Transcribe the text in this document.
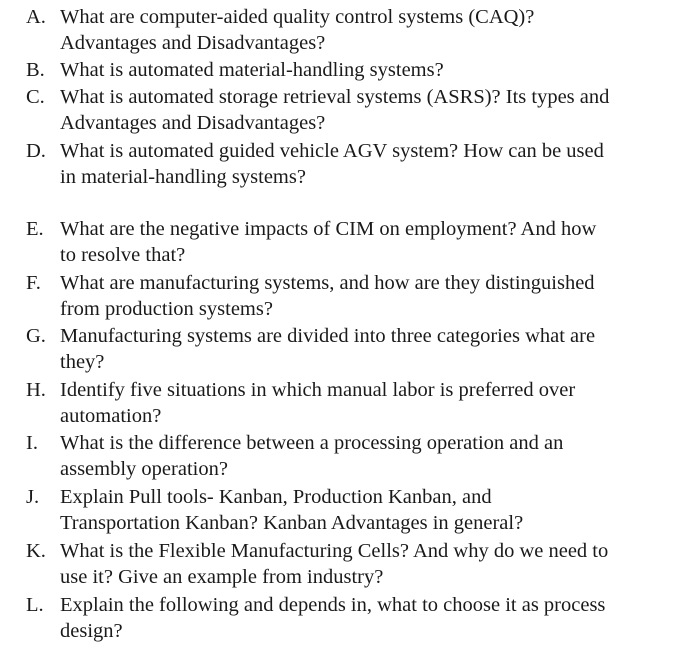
A. What are computer-aided quality control systems (CAQ)?
Advantages and Disadvantages?
B. What is automated material-handling systems?
C. What is automated storage retrieval systems (ASRS)? Its types and
Advantages and Disadvantages?
D. What is automated guided vehicle AGV system? How can be used
in material-handling systems?
E. What are the negative impacts of CIM on employment? And how
to resolve that?
F. What are manufacturing systems, and how are they distinguished
from production systems?
G. Manufacturing systems are divided into three categories what are
they?
H. Identify five situations in which manual labor is preferred over
automation?
I.	What is the difference between a processing operation and an
assembly operation?
J.	Explain Pull tools- Kanban, Production Kanban, and
Transportation Kanban? Kanban Advantages in general?
K. What is the Flexible Manufacturing Cells? And why do we need to
use it? Give an example from industry?
L. Explain the following and depends in, what to choose it as process
design?
